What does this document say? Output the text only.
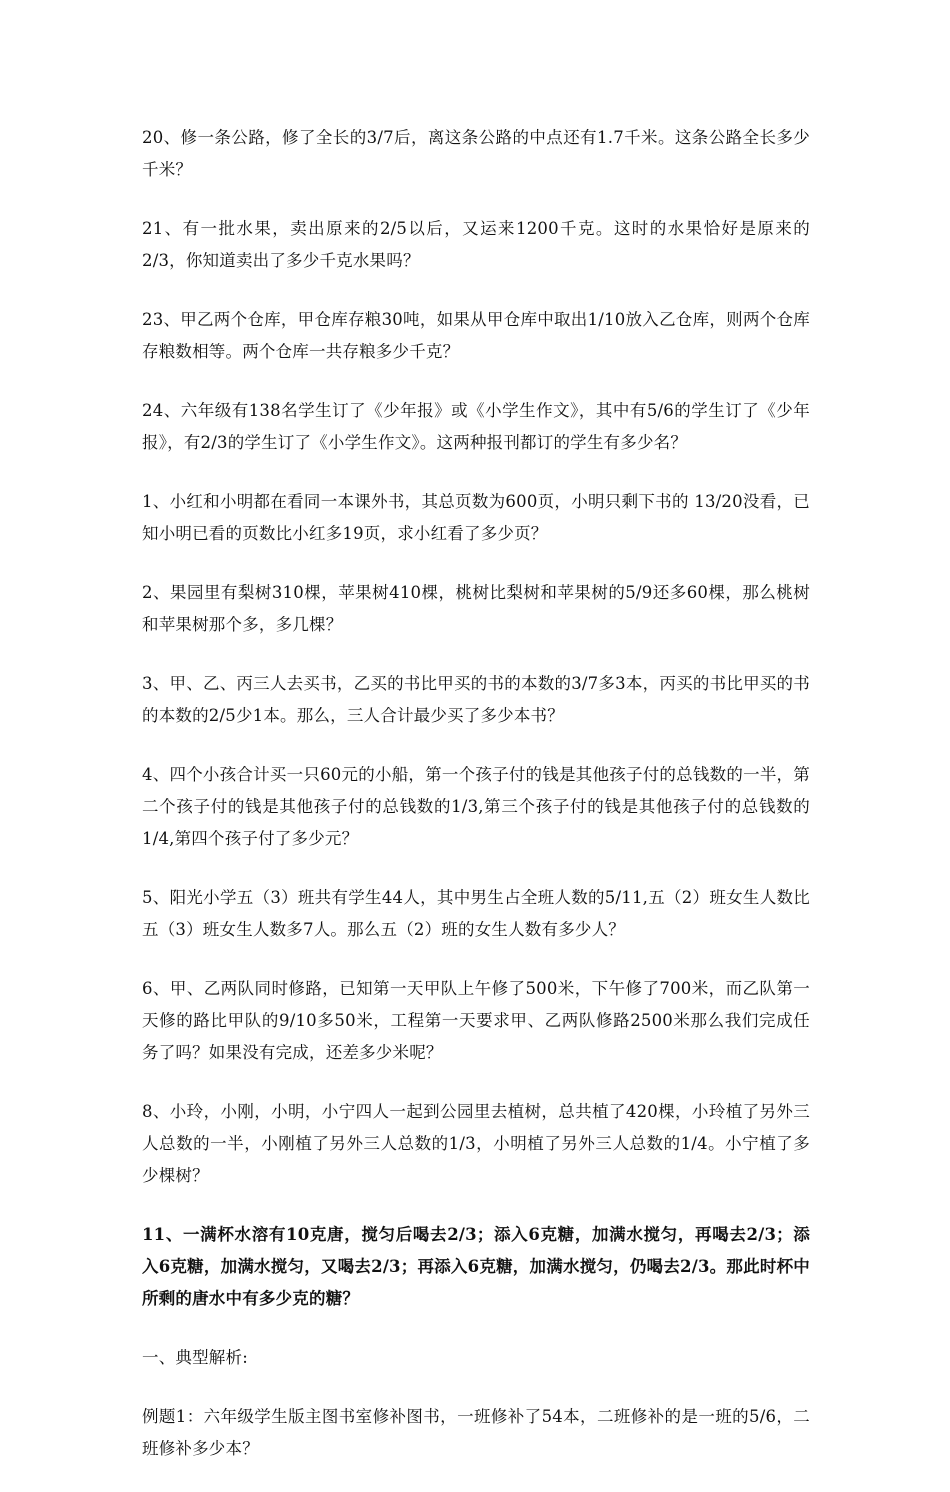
20、修一条公路，修了全长的3/7后，离这条公路的中点还有1.7千米。这条公路全长多少千米？

21、有一批水果，卖出原来的2/5以后，又运来1200千克。这时的水果恰好是原来的2/3，你知道卖出了多少千克水果吗？

23、甲乙两个仓库，甲仓库存粮30吨，如果从甲仓库中取出1/10放入乙仓库，则两个仓库存粮数相等。两个仓库一共存粮多少千克？

24、六年级有138名学生订了《少年报》或《小学生作文》，其中有5/6的学生订了《少年报》，有2/3的学生订了《小学生作文》。这两种报刊都订的学生有多少名？

1、小红和小明都在看同一本课外书，其总页数为600页，小明只剩下书的 13/20没看，已知小明已看的页数比小红多19页，求小红看了多少页？

2、果园里有梨树310棵，苹果树410棵，桃树比梨树和苹果树的5/9还多60棵，那么桃树和苹果树那个多，多几棵？

3、甲、乙、丙三人去买书，乙买的书比甲买的书的本数的3/7多3本，丙买的书比甲买的书的本数的2/5少1本。那么，三人合计最少买了多少本书？

4、四个小孩合计买一只60元的小船，第一个孩子付的钱是其他孩子付的总钱数的一半，第二个孩子付的钱是其他孩子付的总钱数的1/3,第三个孩子付的钱是其他孩子付的总钱数的1/4,第四个孩子付了多少元？

5、阳光小学五（3）班共有学生44人，其中男生占全班人数的5/11,五（2）班女生人数比五（3）班女生人数多7人。那么五（2）班的女生人数有多少人？

6、甲、乙两队同时修路，已知第一天甲队上午修了500米，下午修了700米，而乙队第一天修的路比甲队的9/10多50米，工程第一天要求甲、乙两队修路2500米那么我们完成任务了吗？如果没有完成，还差多少米呢？

8、小玲，小刚，小明，小宁四人一起到公园里去植树，总共植了420棵，小玲植了另外三人总数的一半，小刚植了另外三人总数的1/3，小明植了另外三人总数的1/4。小宁植了多少棵树？

11、一满杯水溶有10克唐，搅匀后喝去2/3；添入6克糖，加满水搅匀，再喝去2/3；添入6克糖，加满水搅匀，又喝去2/3；再添入6克糖，加满水搅匀，仍喝去2/3。那此时杯中所剩的唐水中有多少克的糖？

一、典型解析:

例题1：六年级学生版主图书室修补图书，一班修补了54本，二班修补的是一班的5/6，二班修补多少本？
